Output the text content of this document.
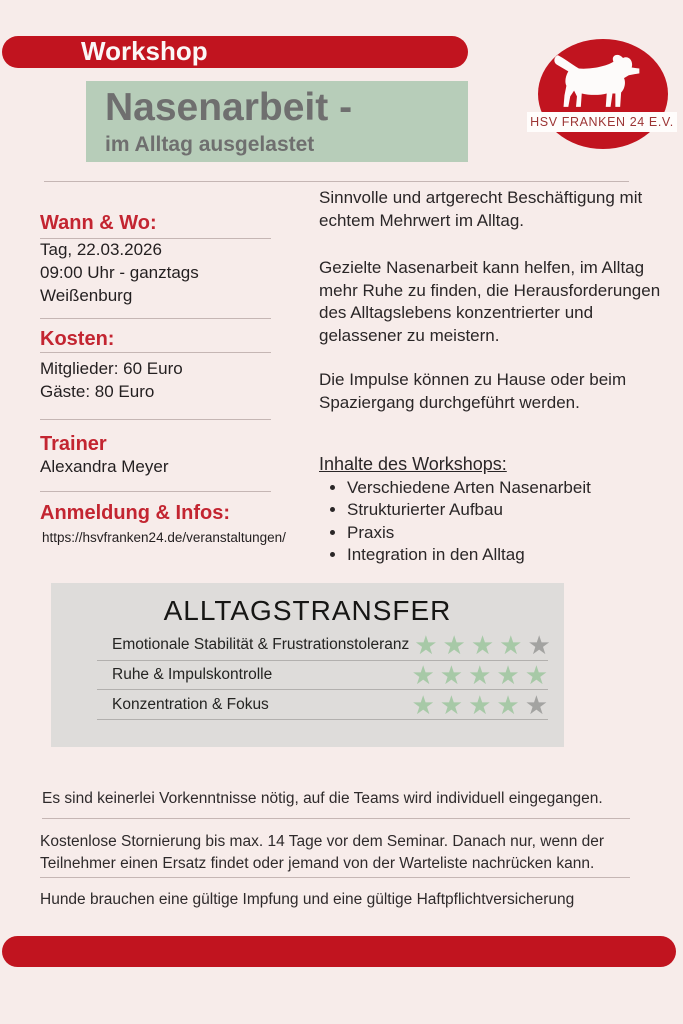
Workshop
HSV FRANKEN 24 E.V.
Nasenarbeit -
im Alltag ausgelastet
Wann & Wo:
Tag, 22.03.2026
09:00 Uhr - ganztags
Weißenburg
Kosten:
Mitglieder: 60 Euro
Gäste: 80 Euro
Trainer
Alexandra Meyer
Anmeldung & Infos:
https://hsvfranken24.de/veranstaltungen/
Sinnvolle und artgerecht Beschäftigung mit echtem Mehrwert im Alltag.
Gezielte Nasenarbeit kann helfen, im Alltag mehr Ruhe zu finden, die Herausforderungen des Alltagslebens konzentrierter und gelassener zu meistern.
Die Impulse können zu Hause oder beim Spaziergang durchgeführt werden.
Inhalte des Workshops:
• Verschiedene Arten Nasenarbeit
• Strukturierter Aufbau
• Praxis
• Integration in den Alltag
ALLTAGSTRANSFER
Emotionale Stabilität & Frustrationstoleranz ★ ★ ★ ★ ★
Ruhe & Impulskontrolle	★ ★ ★ ★ ★
Konzentration & Fokus	★ ★ ★ ★ ★
Es sind keinerlei Vorkenntnisse nötig, auf die Teams wird individuell eingegangen.
Kostenlose Stornierung bis max. 14 Tage vor dem Seminar. Danach nur, wenn der Teilnehmer einen Ersatz findet oder jemand von der Warteliste nachrücken kann.
Hunde brauchen eine gültige Impfung und eine gültige Haftpflichtversicherung
